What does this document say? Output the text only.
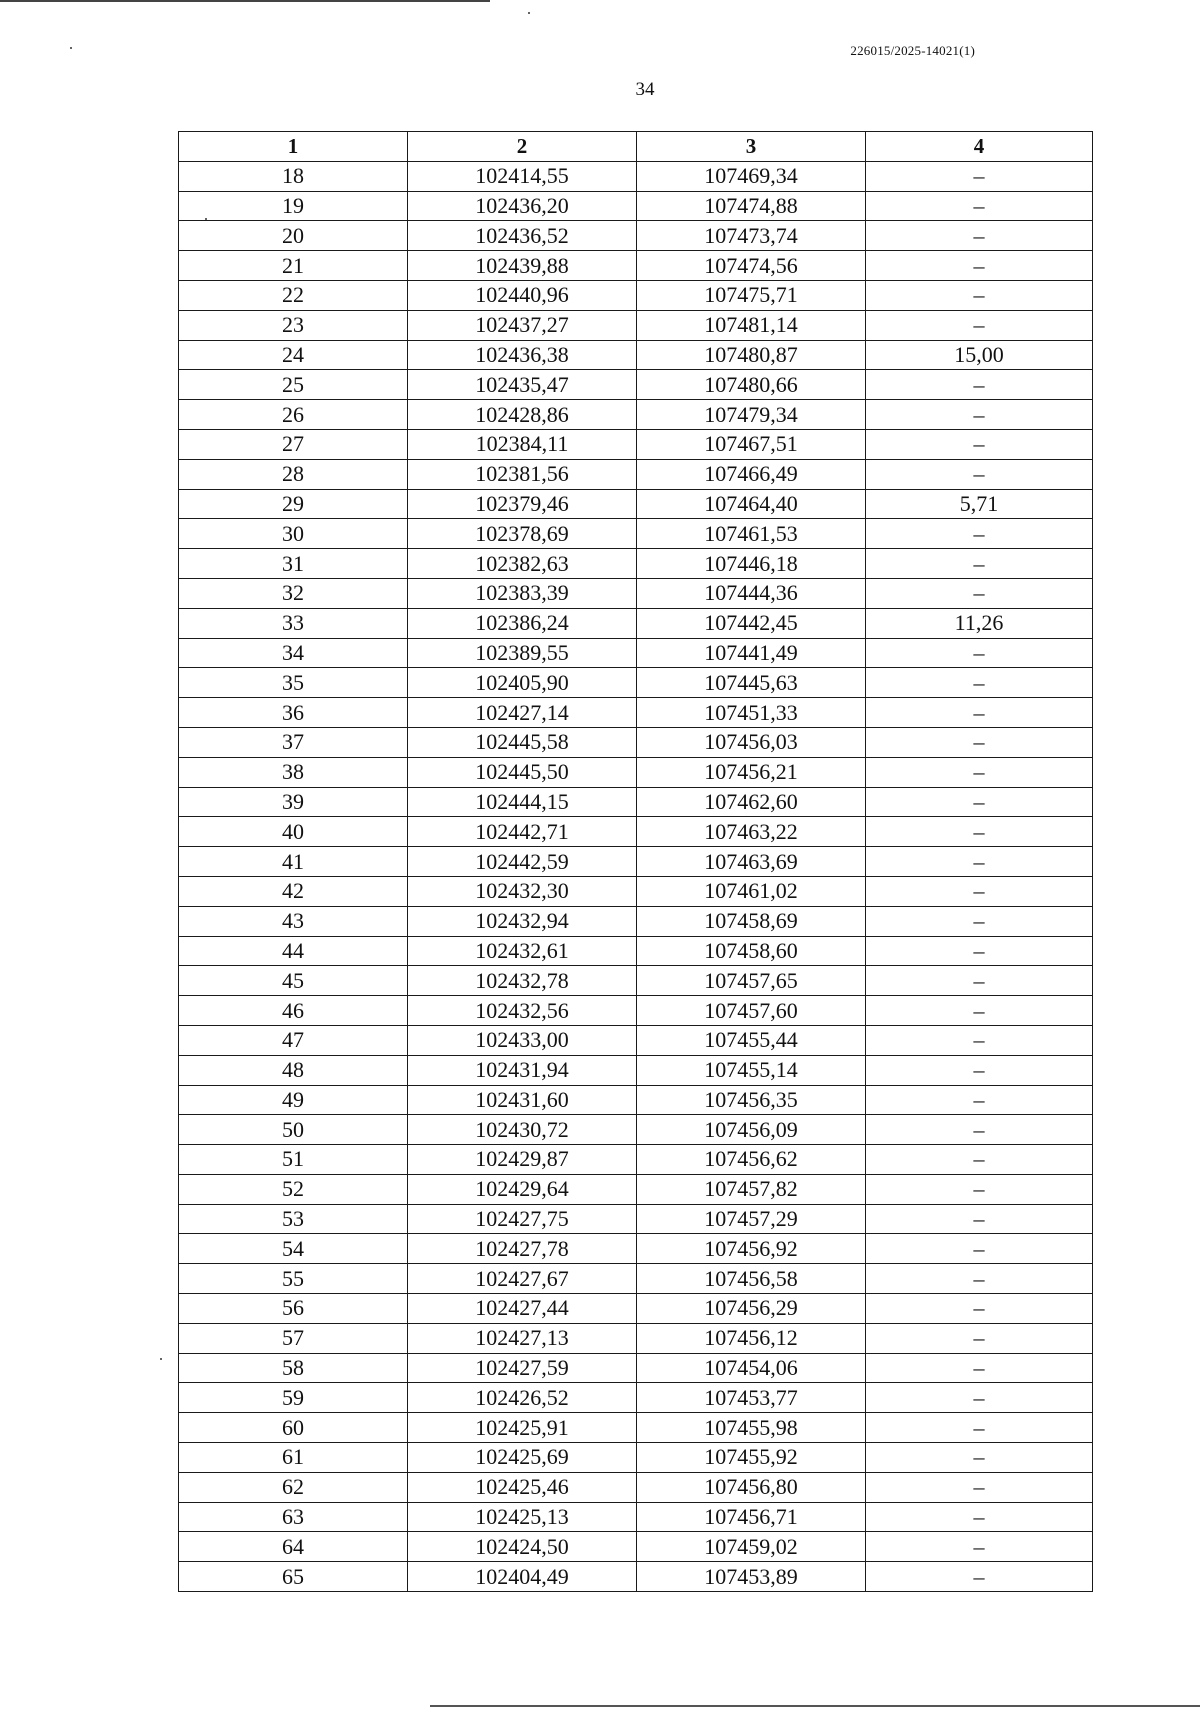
226015/2025-14021(1)
34
1	2	3	4
18	102414,55	107469,34	–
19	102436,20	107474,88	–
20	102436,52	107473,74	–
21	102439,88	107474,56	–
22	102440,96	107475,71	–
23	102437,27	107481,14	–
24	102436,38	107480,87	15,00
25	102435,47	107480,66	–
26	102428,86	107479,34	–
27	102384,11	107467,51	–
28	102381,56	107466,49	–
29	102379,46	107464,40	5,71
30	102378,69	107461,53	–
31	102382,63	107446,18	–
32	102383,39	107444,36	–
33	102386,24	107442,45	11,26
34	102389,55	107441,49	–
35	102405,90	107445,63	–
36	102427,14	107451,33	–
37	102445,58	107456,03	–
38	102445,50	107456,21	–
39	102444,15	107462,60	–
40	102442,71	107463,22	–
41	102442,59	107463,69	–
42	102432,30	107461,02	–
43	102432,94	107458,69	–
44	102432,61	107458,60	–
45	102432,78	107457,65	–
46	102432,56	107457,60	–
47	102433,00	107455,44	–
48	102431,94	107455,14	–
49	102431,60	107456,35	–
50	102430,72	107456,09	–
51	102429,87	107456,62	–
52	102429,64	107457,82	–
53	102427,75	107457,29	–
54	102427,78	107456,92	–
55	102427,67	107456,58	–
56	102427,44	107456,29	–
57	102427,13	107456,12	–
58	102427,59	107454,06	–
59	102426,52	107453,77	–
60	102425,91	107455,98	–
61	102425,69	107455,92	–
62	102425,46	107456,80	–
63	102425,13	107456,71	–
64	102424,50	107459,02	–
65	102404,49	107453,89	–
